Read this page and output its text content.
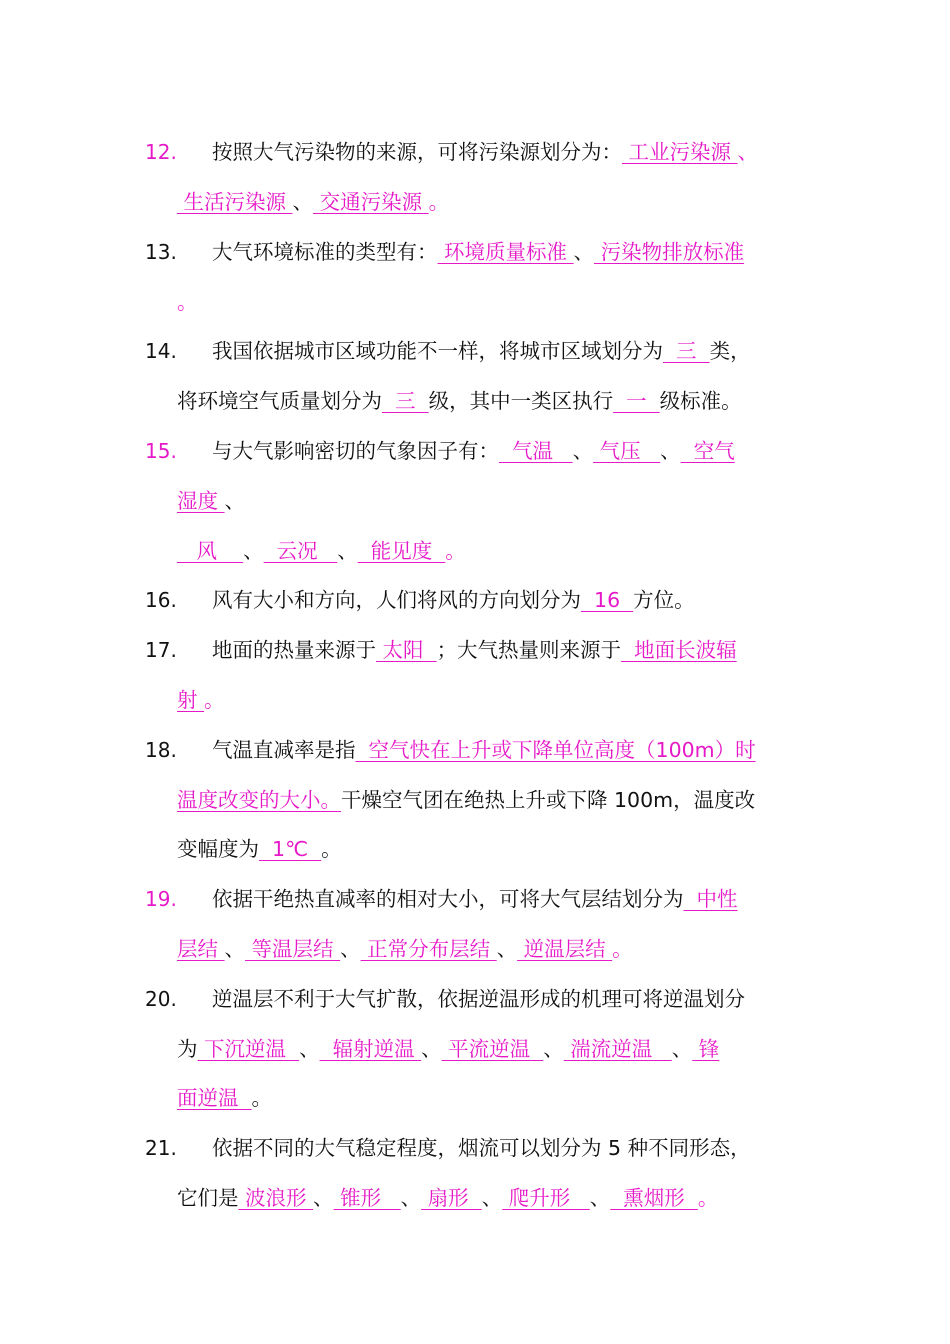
12. 按照大气污染物的来源，可将污染源划分为： 工业污染源 、
生活污染源 、 交通污染源 。
13. 大气环境标准的类型有： 环境质量标准 、 污染物排放标准
。
14. 我国依据城市区域功能不一样，将城市区域划分为  三  类，
将环境空气质量划分为  三  级，其中一类区执行  一  级标准。
15. 与大气影响密切的气象因子有：  气温   、 气压   、  空气
湿度 、
风    、  云况   、  能见度  。
16. 风有大小和方向，人们将风的方向划分为  16  方位。
17. 地面的热量来源于 太阳  ；大气热量则来源于  地面长波辐
射 。
18. 气温直减率是指  空气快在上升或下降单位高度（100m）时
温度改变的大小。干燥空气团在绝热上升或下降 100m，温度改
变幅度为  1℃  。
19. 依据干绝热直减率的相对大小，可将大气层结划分为  中性
层结 、 等温层结 、 正常分布层结 、 逆温层结 。
20. 逆温层不利于大气扩散，依据逆温形成的机理可将逆温划分
为 下沉逆温  、  辐射逆温 、 平流逆温  、 湍流逆温   、 锋
面逆温  。
21. 依据不同的大气稳定程度，烟流可以划分为 5 种不同形态，
它们是 波浪形 、 锥形   、 扇形  、 爬升形   、  熏烟形  。
